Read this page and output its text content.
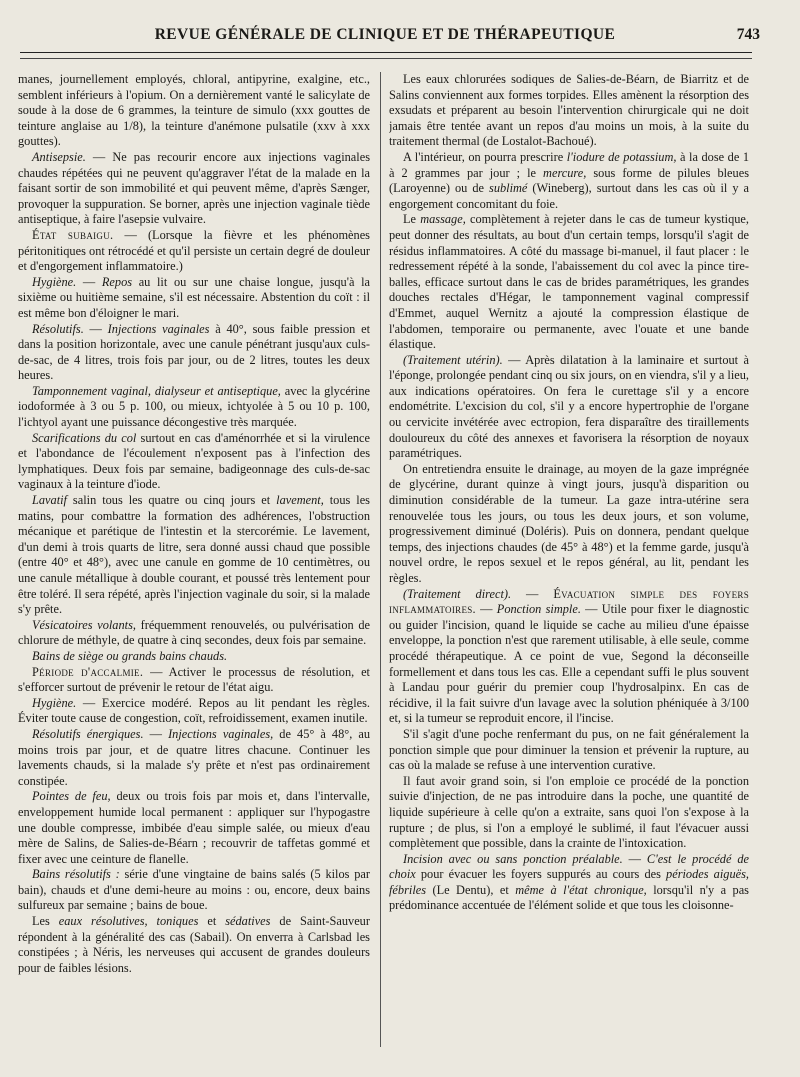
REVUE GÉNÉRALE DE CLINIQUE ET DE THÉRAPEUTIQUE	743

manes, journellement employés, chloral, antipyrine, exalgine, etc., semblent inférieurs à l'opium. On a dernièrement vanté le salicylate de soude à la dose de 6 grammes, la teinture de simulo (xxx gouttes de teinture anglaise au 1/8), la teinture d'anémone pulsatile (xxv à xxx gouttes).

Antisepsie. — Ne pas recourir encore aux injections vaginales chaudes répétées qui ne peuvent qu'aggraver l'état de la malade en la faisant sortir de son immobilité et qui peuvent même, d'après Sænger, provoquer la suppuration. Se borner, après une injection vaginale tiède antiseptique, à faire l'asepsie vulvaire.

État subaigu. — (Lorsque la fièvre et les phénomènes péritonitiques ont rétrocédé et qu'il persiste un certain degré de douleur et d'engorgement inflammatoire.)

Hygiène. — Repos au lit ou sur une chaise longue, jusqu'à la sixième ou huitième semaine, s'il est nécessaire. Abstention du coït : il est même bon d'éloigner le mari.

Résolutifs. — Injections vaginales à 40°, sous faible pression et dans la position horizontale, avec une canule pénétrant jusqu'aux culs-de-sac, de 4 litres, trois fois par jour, ou de 2 litres, toutes les deux heures.

Tamponnement vaginal, dialyseur et antiseptique, avec la glycérine iodoformée à 3 ou 5 p. 100, ou mieux, ichtyolée à 5 ou 10 p. 100, l'ichtyol ayant une puissance décongestive très marquée.

Scarifications du col surtout en cas d'aménorrhée et si la virulence et l'abondance de l'écoulement n'exposent pas à l'infection des lymphatiques. Deux fois par semaine, badigeonnage des culs-de-sac vaginaux à la teinture d'iode.

Lavatif salin tous les quatre ou cinq jours et lavement, tous les matins, pour combattre la formation des adhérences, l'obstruction mécanique et parétique de l'intestin et la stercorémie. Le lavement, d'un demi à trois quarts de litre, sera donné aussi chaud que possible (entre 40° et 48°), avec une canule en gomme de 10 centimètres, ou une canule métallique à double courant, et poussé très lentement pour être toléré. Il sera répété, après l'injection vaginale du soir, si la malade s'y prête.

Vésicatoires volants, fréquemment renouvelés, ou pulvérisation de chlorure de méthyle, de quatre à cinq secondes, deux fois par semaine.

Bains de siège ou grands bains chauds.

Période d'accalmie. — Activer le processus de résolution, et s'efforcer surtout de prévenir le retour de l'état aigu.

Hygiène. — Exercice modéré. Repos au lit pendant les règles. Éviter toute cause de congestion, coït, refroidissement, examen inutile.

Résolutifs énergiques. — Injections vaginales, de 45° à 48°, au moins trois par jour, et de quatre litres chacune. Continuer les lavements chauds, si la malade s'y prête et n'est pas ordinairement constipée.

Pointes de feu, deux ou trois fois par mois et, dans l'intervalle, enveloppement humide local permanent : appliquer sur l'hypogastre une double compresse, imbibée d'eau simple salée, ou mieux d'eau mère de Salins, de Salies-de-Béarn ; recouvrir de taffetas gommé et fixer avec une ceinture de flanelle.

Bains résolutifs : série d'une vingtaine de bains salés (5 kilos par bain), chauds et d'une demi-heure au moins : ou, encore, deux bains sulfureux par semaine ; bains de boue.

Les eaux résolutives, toniques et sédatives de Saint-Sauveur répondent à la généralité des cas (Sabail). On enverra à Carlsbad les constipées ; à Néris, les nerveuses qui accusent de grandes douleurs pour de faibles lésions.

Les eaux chlorurées sodiques de Salies-de-Béarn, de Biarritz et de Salins conviennent aux formes torpides. Elles amènent la résorption des exsudats et préparent au besoin l'intervention chirurgicale qui ne doit jamais être tentée avant un repos d'au moins un mois, à la suite du traitement thermal (de Lostalot-Bachoué).

A l'intérieur, on pourra prescrire l'iodure de potassium, à la dose de 1 à 2 grammes par jour ; le mercure, sous forme de pilules bleues (Laroyenne) ou de sublimé (Wineberg), surtout dans les cas où il y a engorgement concomitant du foie.

Le massage, complètement à rejeter dans le cas de tumeur kystique, peut donner des résultats, au bout d'un certain temps, lorsqu'il s'agit de résidus inflammatoires. A côté du massage bi-manuel, il faut placer : le redressement répété à la sonde, l'abaissement du col avec la pince tire-balles, efficace surtout dans le cas de brides paramétriques, les grandes douches rectales d'Hégar, le tamponnement vaginal compressif d'Emmet, auquel Wernitz a ajouté la compression élastique de l'abdomen, temporaire ou permanente, avec l'ouate et une bande élastique.

(Traitement utérin). — Après dilatation à la laminaire et surtout à l'éponge, prolongée pendant cinq ou six jours, on en viendra, s'il y a lieu, aux indications opératoires. On fera le curettage s'il y a encore endométrite. L'excision du col, s'il y a encore hypertrophie de l'organe ou cervicite invétérée avec ectropion, fera disparaître des tiraillements douloureux du côté des annexes et favorisera la résorption de noyaux paramétriques.

On entretiendra ensuite le drainage, au moyen de la gaze imprégnée de glycérine, durant quinze à vingt jours, jusqu'à disparition ou diminution considérable de la tumeur. La gaze intra-utérine sera renouvelée tous les jours, ou tous les deux jours, et son volume, progressivement diminué (Doléris). Puis on donnera, pendant quelque temps, des injections chaudes (de 45° à 48°) et la femme garde, jusqu'à nouvel ordre, le repos sexuel et le repos général, au lit, pendant les règles.

(Traitement direct). — Évacuation simple des foyers inflammatoires. — Ponction simple. — Utile pour fixer le diagnostic ou guider l'incision, quand le liquide se cache au milieu d'une épaisse enveloppe, la ponction n'est que rarement utilisable, à elle seule, comme procédé thérapeutique. A ce point de vue, Segond la déconseille formellement et dans tous les cas. Elle a cependant suffi le plus souvent à Landau pour guérir du premier coup l'hydrosalpinx. En cas de récidive, il la fait suivre d'un lavage avec la solution phéniquée à 3/100 et, si la tumeur se reproduit encore, il l'incise.

S'il s'agit d'une poche renfermant du pus, on ne fait généralement la ponction simple que pour diminuer la tension et prévenir la rupture, au cas où la malade se refuse à une intervention curative.

Il faut avoir grand soin, si l'on emploie ce procédé de la ponction suivie d'injection, de ne pas introduire dans la poche, une quantité de liquide supérieure à celle qu'on a extraite, sans quoi l'on s'expose à la rupture ; de plus, si l'on a employé le sublimé, il faut l'évacuer aussi complètement que possible, dans la crainte de l'intoxication.

Incision avec ou sans ponction préalable. — C'est le procédé de choix pour évacuer les foyers suppurés au cours des périodes aiguës, fébriles (Le Dentu), et même à l'état chronique, lorsqu'il n'y a pas prédominance accentuée de l'élément solide et que tous les cloisonne-
